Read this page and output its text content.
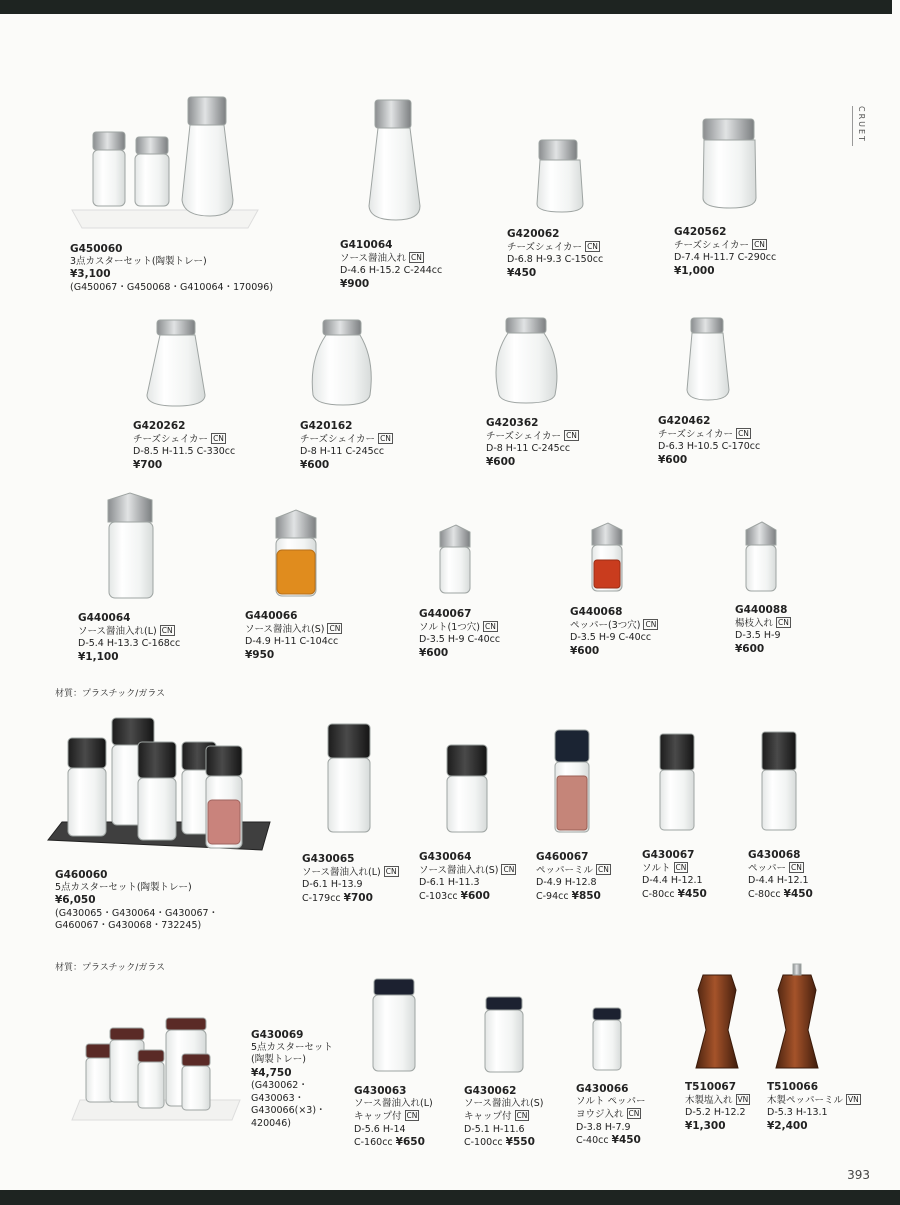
CRUET
材質：プラスチック/ガラス
材質：プラスチック/ガラス
G450060
3点カスターセット(陶製トレー)
¥3,100
(G450067・G450068・G410064・170096)
G410064
ソース醤油入れ CN
D-4.6 H-15.2 C-244cc
¥900
G420062
チーズシェイカー CN
D-6.8 H-9.3 C-150cc
¥450
G420562
チーズシェイカー CN
D-7.4 H-11.7 C-290cc
¥1,000
G420262
チーズシェイカー CN
D-8.5 H-11.5 C-330cc
¥700
G420162
チーズシェイカー CN
D-8 H-11 C-245cc
¥600
G420362
チーズシェイカー CN
D-8 H-11 C-245cc
¥600
G420462
チーズシェイカー CN
D-6.3 H-10.5 C-170cc
¥600
G440064
ソース醤油入れ(L) CN
D-5.4 H-13.3 C-168cc
¥1,100
G440066
ソース醤油入れ(S) CN
D-4.9 H-11 C-104cc
¥950
G440067
ソルト(1つ穴) CN
D-3.5 H-9 C-40cc
¥600
G440068
ペッパー(3つ穴) CN
D-3.5 H-9 C-40cc
¥600
G440088
楊枝入れ CN
D-3.5 H-9
¥600
G460060
5点カスターセット(陶製トレー)
¥6,050
(G430065・G430064・G430067・
G460067・G430068・732245)
G430065
ソース醤油入れ(L) CN
D-6.1 H-13.9
C-179cc ¥700
G430064
ソース醤油入れ(S) CN
D-6.1 H-11.3
C-103cc ¥600
G460067
ペッパーミル CN
D-4.9 H-12.8
C-94cc ¥850
G430067
ソルト CN
D-4.4 H-12.1
C-80cc ¥450
G430068
ペッパー CN
D-4.4 H-12.1
C-80cc ¥450
G430069
5点カスターセット
(陶製トレー)
¥4,750
(G430062・
G430063・
G430066(×3)・
420046)
G430063
ソース醤油入れ(L)
キャップ付 CN
D-5.6 H-14
C-160cc ¥650
G430062
ソース醤油入れ(S)
キャップ付 CN
D-5.1 H-11.6
C-100cc ¥550
G430066
ソルト ペッパー
ヨウジ入れ CN
D-3.8 H-7.9
C-40cc ¥450
T510067
木製塩入れ VN
D-5.2 H-12.2
¥1,300
T510066
木製ペッパーミル VN
D-5.3 H-13.1
¥2,400
393
